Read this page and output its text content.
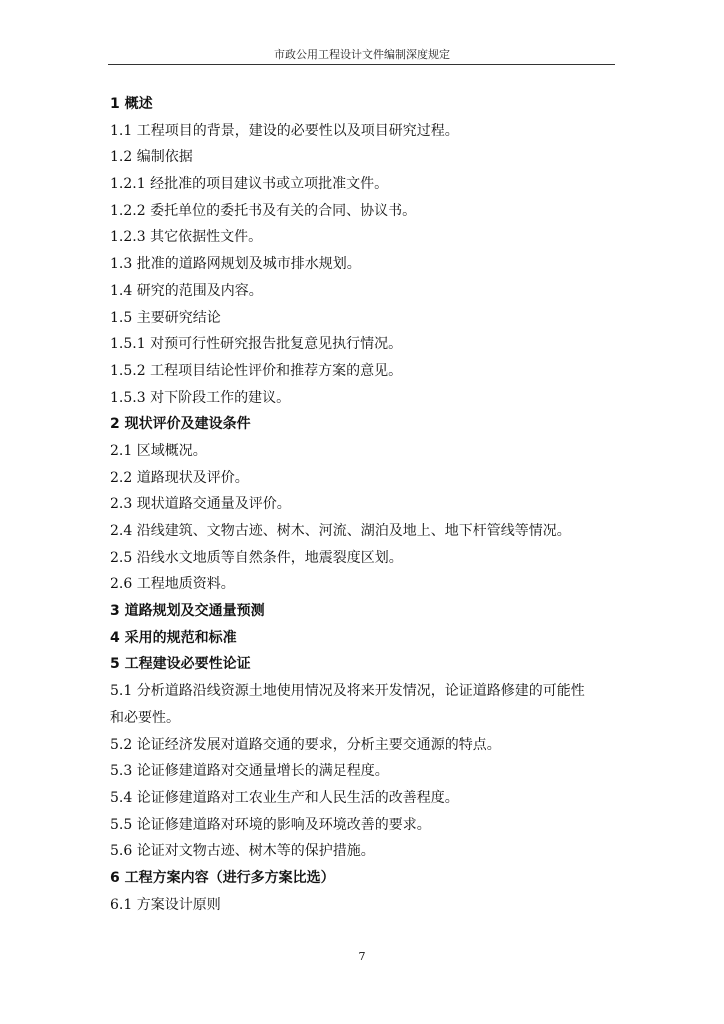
市政公用工程设计文件编制深度规定
1 概述
1.1 工程项目的背景，建设的必要性以及项目研究过程。
1.2 编制依据
1.2.1 经批准的项目建议书或立项批准文件。
1.2.2 委托单位的委托书及有关的合同、协议书。
1.2.3 其它依据性文件。
1.3 批准的道路网规划及城市排水规划。
1.4 研究的范围及内容。
1.5 主要研究结论
1.5.1 对预可行性研究报告批复意见执行情况。
1.5.2 工程项目结论性评价和推荐方案的意见。
1.5.3 对下阶段工作的建议。
2 现状评价及建设条件
2.1 区域概况。
2.2 道路现状及评价。
2.3 现状道路交通量及评价。
2.4 沿线建筑、文物古迹、树木、河流、湖泊及地上、地下杆管线等情况。
2.5 沿线水文地质等自然条件，地震裂度区划。
2.6 工程地质资料。
3 道路规划及交通量预测
4 采用的规范和标准
5 工程建设必要性论证
5.1 分析道路沿线资源土地使用情况及将来开发情况，论证道路修建的可能性
和必要性。
5.2 论证经济发展对道路交通的要求，分析主要交通源的特点。
5.3 论证修建道路对交通量增长的满足程度。
5.4 论证修建道路对工农业生产和人民生活的改善程度。
5.5 论证修建道路对环境的影响及环境改善的要求。
5.6 论证对文物古迹、树木等的保护措施。
6 工程方案内容（进行多方案比选）
6.1 方案设计原则
7
